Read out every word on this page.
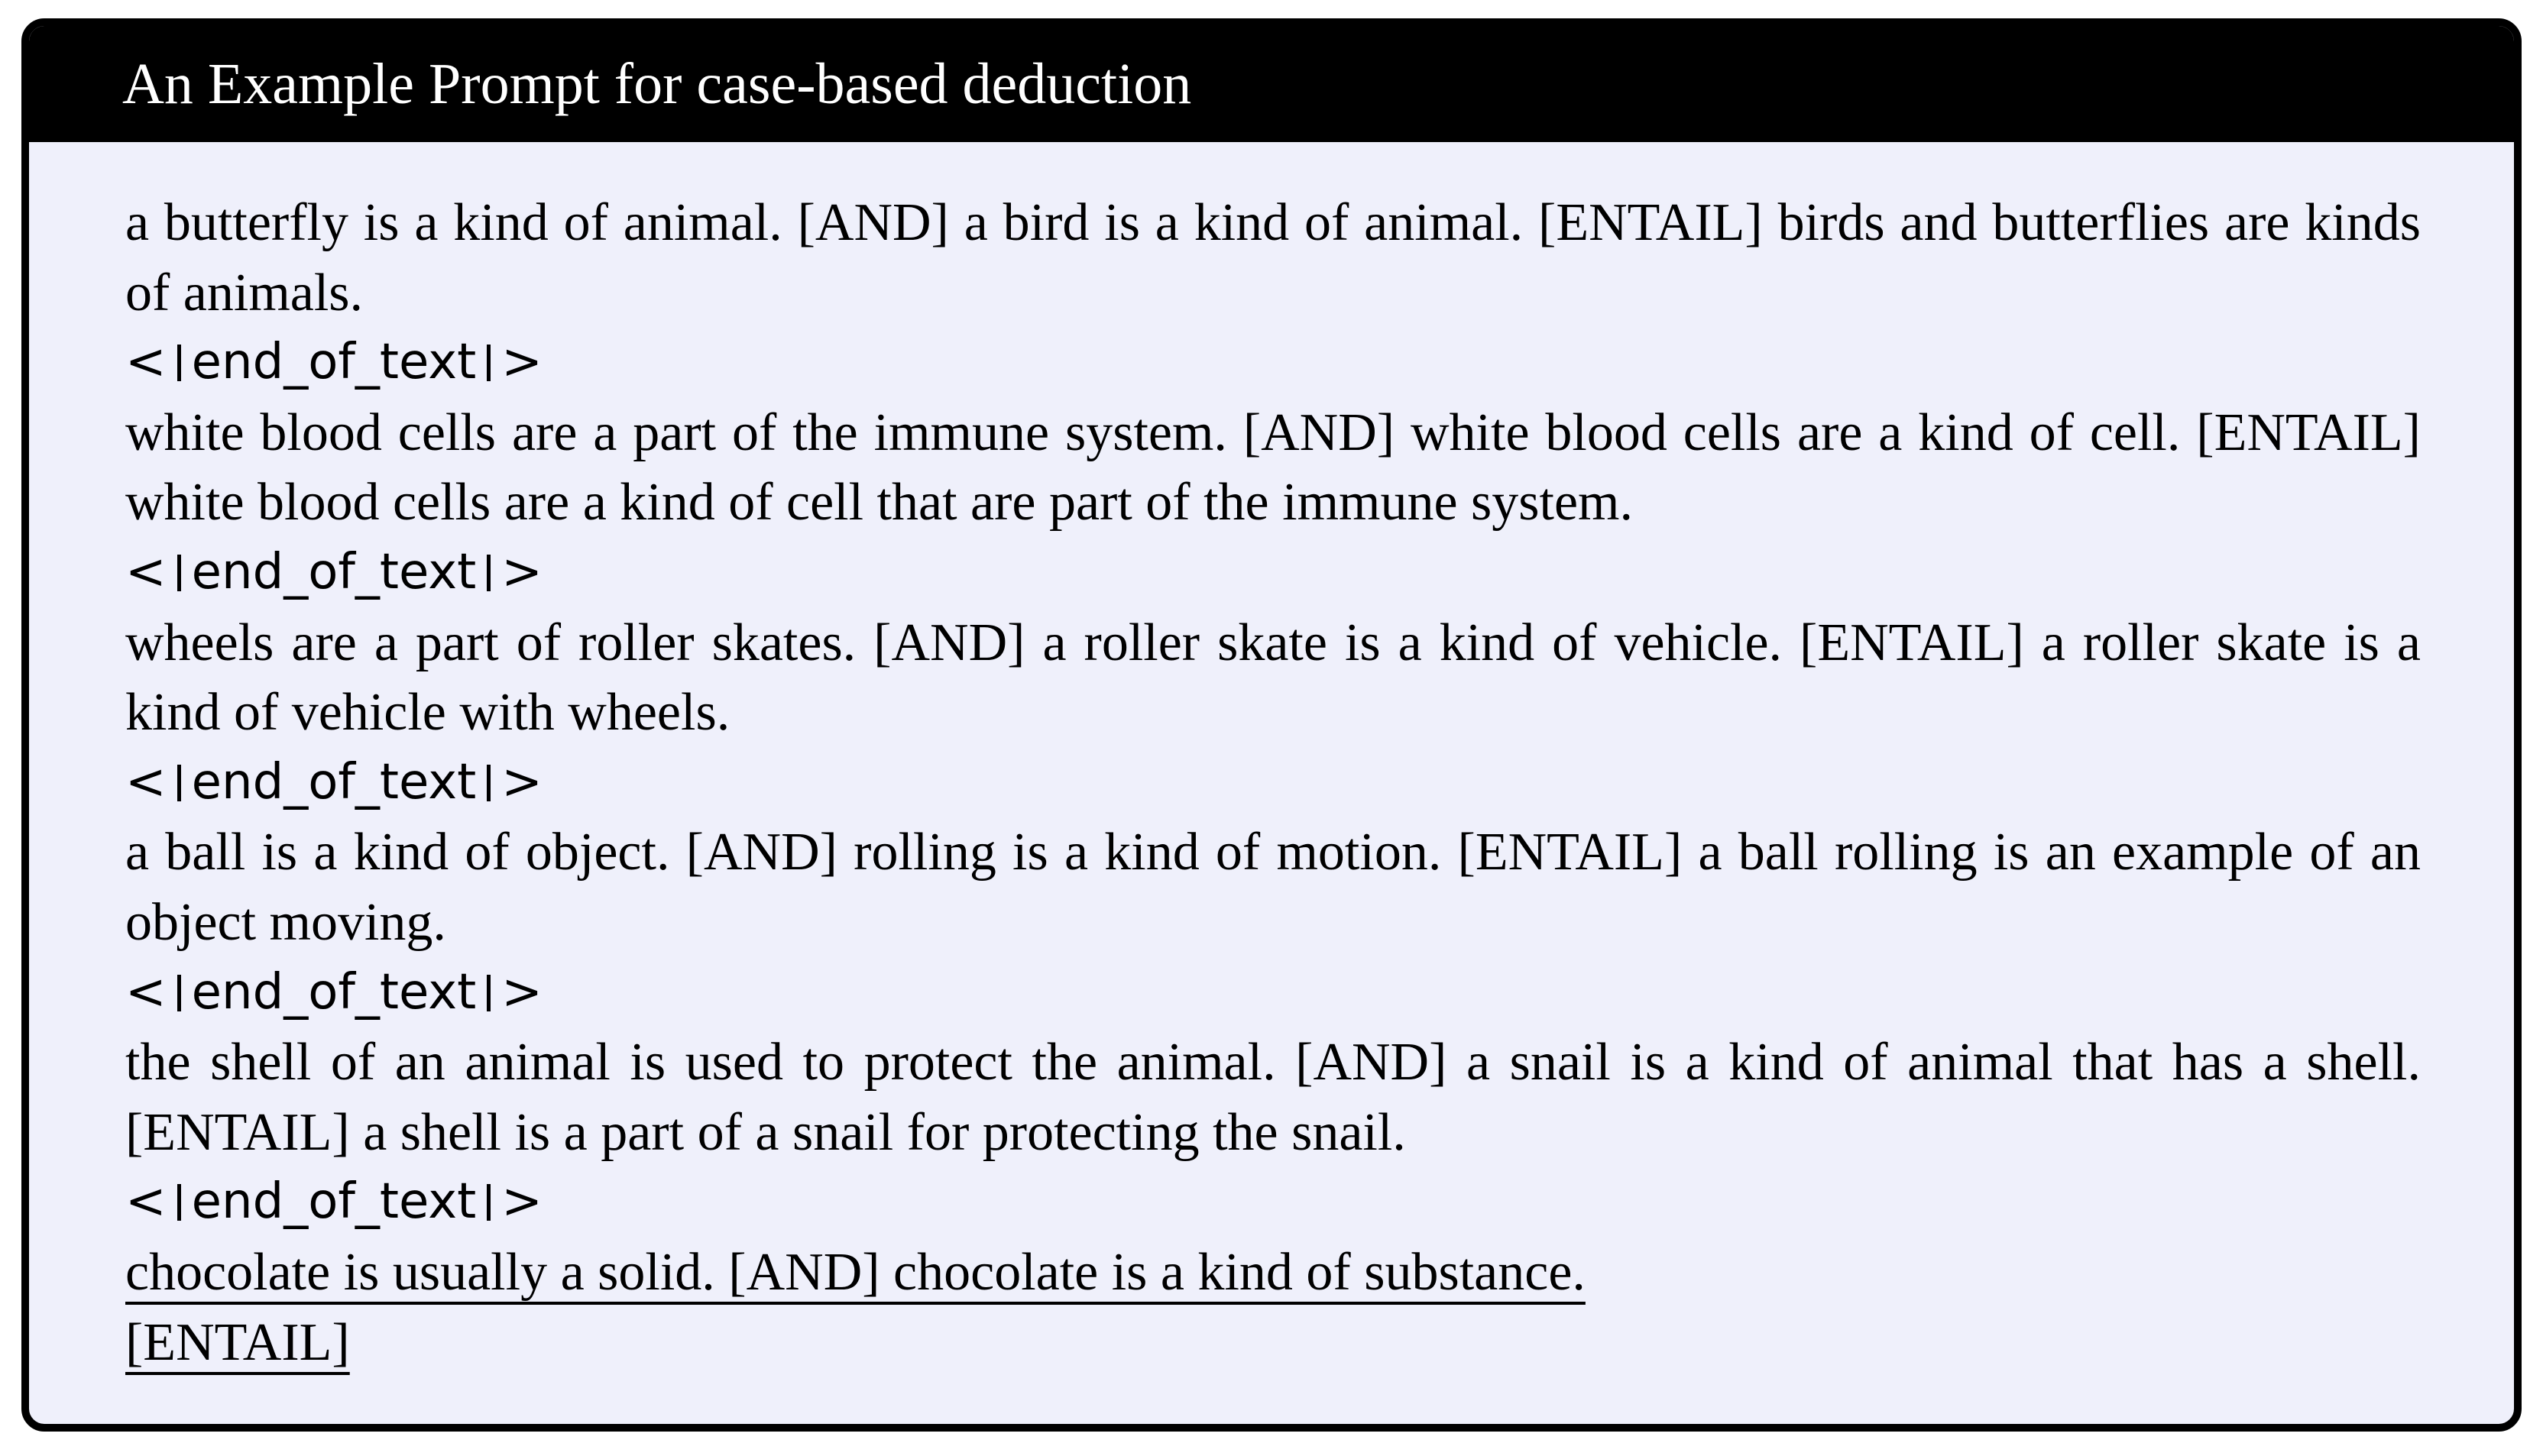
An Example Prompt for case-based deduction

a butterfly is a kind of animal. [AND] a bird is a kind of animal. [ENTAIL] birds and butterflies are kinds of animals.

< end_of_text >

white blood cells are a part of the immune system. [AND] white blood cells are a kind of cell. [ENTAIL] white blood cells are a kind of cell that are part of the immune system.

< end_of_text >

wheels are a part of roller skates. [AND] a roller skate is a kind of vehicle. [ENTAIL] a roller skate is a kind of vehicle with wheels.

< end_of_text >

a ball is a kind of object. [AND] rolling is a kind of motion. [ENTAIL] a ball rolling is an example of an object moving.

< end_of_text >

the shell of an animal is used to protect the animal. [AND] a snail is a kind of animal that has a shell. [ENTAIL] a shell is a part of a snail for protecting the snail.

< end_of_text >

chocolate is usually a solid. [AND] chocolate is a kind of substance.

[ENTAIL]
